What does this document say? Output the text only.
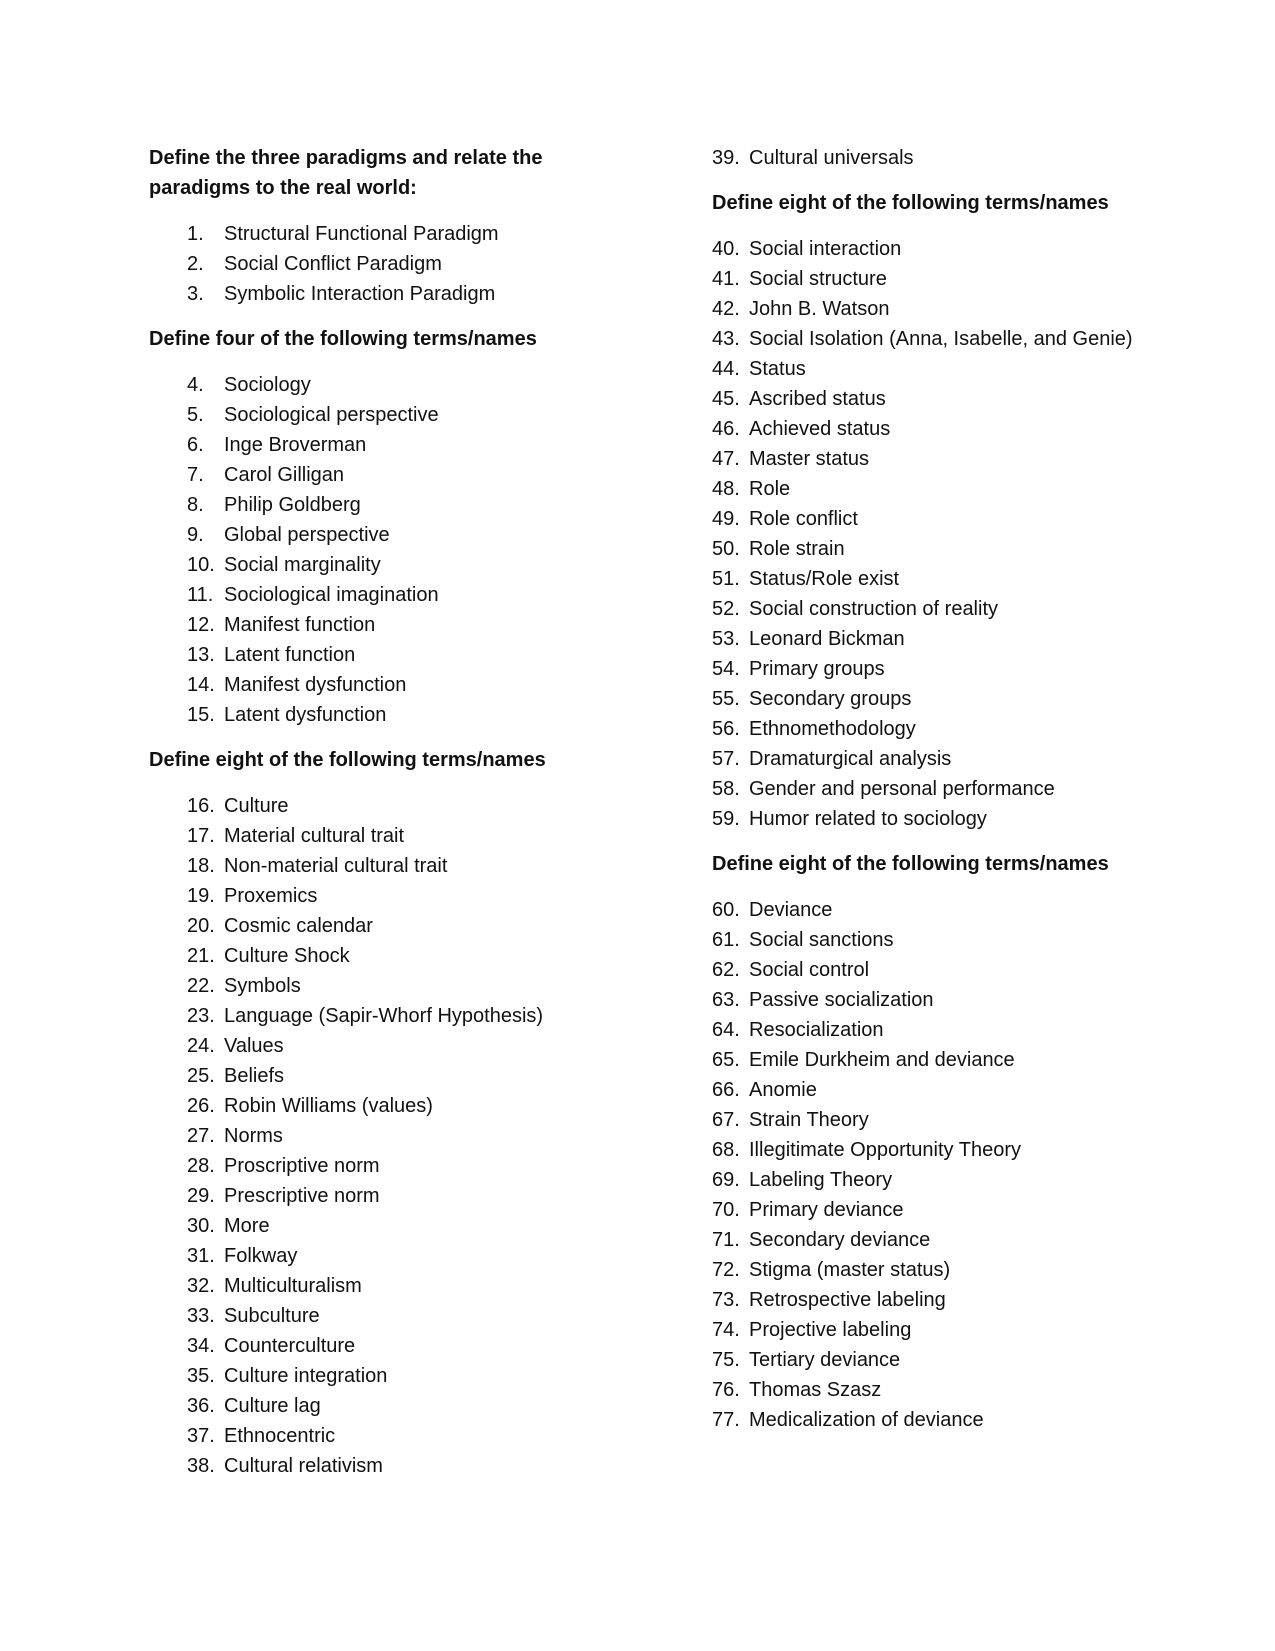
Define the three paradigms and relate the paradigms to the real world:

1.	Structural Functional Paradigm
2.	Social Conflict Paradigm
3.	Symbolic Interaction Paradigm

Define four of the following terms/names

4.	Sociology
5.	Sociological perspective
6.	Inge Broverman
7.	Carol Gilligan
8.	Philip Goldberg
9.	Global perspective
10. Social marginality
11. Sociological imagination
12. Manifest function
13. Latent function
14. Manifest dysfunction
15. Latent dysfunction

Define eight of the following terms/names

16. Culture
17. Material cultural trait
18. Non-material cultural trait
19. Proxemics
20. Cosmic calendar
21. Culture Shock
22. Symbols
23. Language (Sapir-Whorf Hypothesis)
24. Values
25. Beliefs
26. Robin Williams (values)
27. Norms
28. Proscriptive norm
29. Prescriptive norm
30. More
31. Folkway
32. Multiculturalism
33. Subculture
34. Counterculture
35. Culture integration
36. Culture lag
37. Ethnocentric
38. Cultural relativism
39. Cultural universals

Define eight of the following terms/names

40. Social interaction
41. Social structure
42. John B. Watson
43. Social Isolation (Anna, Isabelle, and Genie)
44. Status
45. Ascribed status
46. Achieved status
47. Master status
48. Role
49. Role conflict
50. Role strain
51. Status/Role exist
52. Social construction of reality
53. Leonard Bickman
54. Primary groups
55. Secondary groups
56. Ethnomethodology
57. Dramaturgical analysis
58. Gender and personal performance
59. Humor related to sociology

Define eight of the following terms/names

60. Deviance
61. Social sanctions
62. Social control
63. Passive socialization
64. Resocialization
65. Emile Durkheim and deviance
66. Anomie
67. Strain Theory
68. Illegitimate Opportunity Theory
69. Labeling Theory
70. Primary deviance
71. Secondary deviance
72. Stigma (master status)
73. Retrospective labeling
74. Projective labeling
75. Tertiary deviance
76. Thomas Szasz
77. Medicalization of deviance
